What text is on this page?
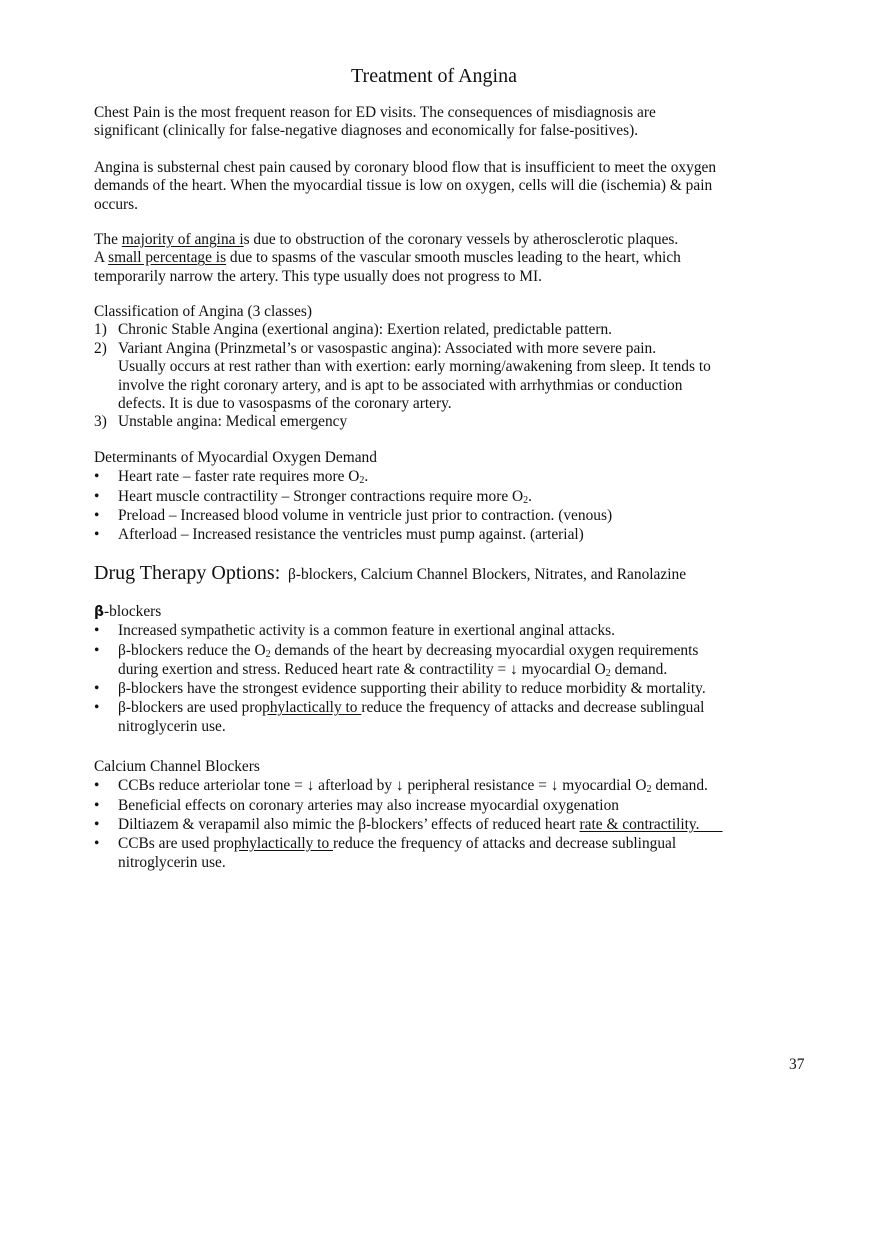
Treatment of Angina
Chest Pain is the most frequent reason for ED visits. The consequences of misdiagnosis are
significant (clinically for false-negative diagnoses and economically for false-positives).
Angina is substernal chest pain caused by coronary blood flow that is insufficient to meet the oxygen
demands of the heart. When the myocardial tissue is low on oxygen, cells will die (ischemia) & pain
occurs.
The majority of angina is due to obstruction of the coronary vessels by atherosclerotic plaques.
A small percentage is due to spasms of the vascular smooth muscles leading to the heart, which
temporarily narrow the artery. This type usually does not progress to MI.
Classification of Angina (3 classes)
1) Chronic Stable Angina (exertional angina): Exertion related, predictable pattern.
2) Variant Angina (Prinzmetal’s or vasospastic angina): Associated with more severe pain.
Usually occurs at rest rather than with exertion: early morning/awakening from sleep. It tends to
involve the right coronary artery, and is apt to be associated with arrhythmias or conduction
defects. It is due to vasospasms of the coronary artery.
3) Unstable angina: Medical emergency
Determinants of Myocardial Oxygen Demand
• Heart rate – faster rate requires more $O_2$.
• Heart muscle contractility – Stronger contractions require more $O_2$.
• Preload – Increased blood volume in ventricle just prior to contraction. (venous)
• Afterload – Increased resistance the ventricles must pump against. (arterial)
Drug Therapy Options: β-blockers, Calcium Channel Blockers, Nitrates, and Ranolazine
β-blockers
• Increased sympathetic activity is a common feature in exertional anginal attacks.
• β-blockers reduce the $O_2$ demands of the heart by decreasing myocardial oxygen requirements
during exertion and stress. Reduced heart rate & contractility = ↓ myocardial $O_2$ demand.
• β-blockers have the strongest evidence supporting their ability to reduce morbidity & mortality.
• β-blockers are used prophylactically to reduce the frequency of attacks and decrease sublingual
nitroglycerin use.
Calcium Channel Blockers
• CCBs reduce arteriolar tone = ↓ afterload by ↓ peripheral resistance = ↓ myocardial $O_2$ demand.
• Beneficial effects on coronary arteries may also increase myocardial oxygenation
• Diltiazem & verapamil also mimic the β-blockers’ effects of reduced heart rate & contractility.
• CCBs are used prophylactically to reduce the frequency of attacks and decrease sublingual
nitroglycerin use.
37
